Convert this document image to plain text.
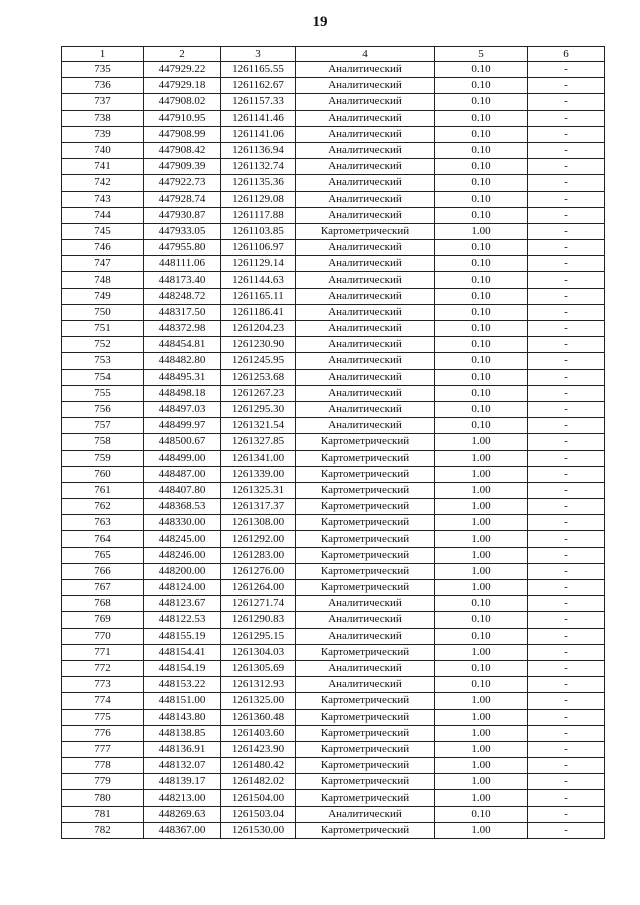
19
1	2	3	4	5	6
735	447929.22	1261165.55	Аналитический	0.10	-
736	447929.18	1261162.67	Аналитический	0.10	-
737	447908.02	1261157.33	Аналитический	0.10	-
738	447910.95	1261141.46	Аналитический	0.10	-
739	447908.99	1261141.06	Аналитический	0.10	-
740	447908.42	1261136.94	Аналитический	0.10	-
741	447909.39	1261132.74	Аналитический	0.10	-
742	447922.73	1261135.36	Аналитический	0.10	-
743	447928.74	1261129.08	Аналитический	0.10	-
744	447930.87	1261117.88	Аналитический	0.10	-
745	447933.05	1261103.85	Картометрический	1.00	-
746	447955.80	1261106.97	Аналитический	0.10	-
747	448111.06	1261129.14	Аналитический	0.10	-
748	448173.40	1261144.63	Аналитический	0.10	-
749	448248.72	1261165.11	Аналитический	0.10	-
750	448317.50	1261186.41	Аналитический	0.10	-
751	448372.98	1261204.23	Аналитический	0.10	-
752	448454.81	1261230.90	Аналитический	0.10	-
753	448482.80	1261245.95	Аналитический	0.10	-
754	448495.31	1261253.68	Аналитический	0.10	-
755	448498.18	1261267.23	Аналитический	0.10	-
756	448497.03	1261295.30	Аналитический	0.10	-
757	448499.97	1261321.54	Аналитический	0.10	-
758	448500.67	1261327.85	Картометрический	1.00	-
759	448499.00	1261341.00	Картометрический	1.00	-
760	448487.00	1261339.00	Картометрический	1.00	-
761	448407.80	1261325.31	Картометрический	1.00	-
762	448368.53	1261317.37	Картометрический	1.00	-
763	448330.00	1261308.00	Картометрический	1.00	-
764	448245.00	1261292.00	Картометрический	1.00	-
765	448246.00	1261283.00	Картометрический	1.00	-
766	448200.00	1261276.00	Картометрический	1.00	-
767	448124.00	1261264.00	Картометрический	1.00	-
768	448123.67	1261271.74	Аналитический	0.10	-
769	448122.53	1261290.83	Аналитический	0.10	-
770	448155.19	1261295.15	Аналитический	0.10	-
771	448154.41	1261304.03	Картометрический	1.00	-
772	448154.19	1261305.69	Аналитический	0.10	-
773	448153.22	1261312.93	Аналитический	0.10	-
774	448151.00	1261325.00	Картометрический	1.00	-
775	448143.80	1261360.48	Картометрический	1.00	-
776	448138.85	1261403.60	Картометрический	1.00	-
777	448136.91	1261423.90	Картометрический	1.00	-
778	448132.07	1261480.42	Картометрический	1.00	-
779	448139.17	1261482.02	Картометрический	1.00	-
780	448213.00	1261504.00	Картометрический	1.00	-
781	448269.63	1261503.04	Аналитический	0.10	-
782	448367.00	1261530.00	Картометрический	1.00	-
